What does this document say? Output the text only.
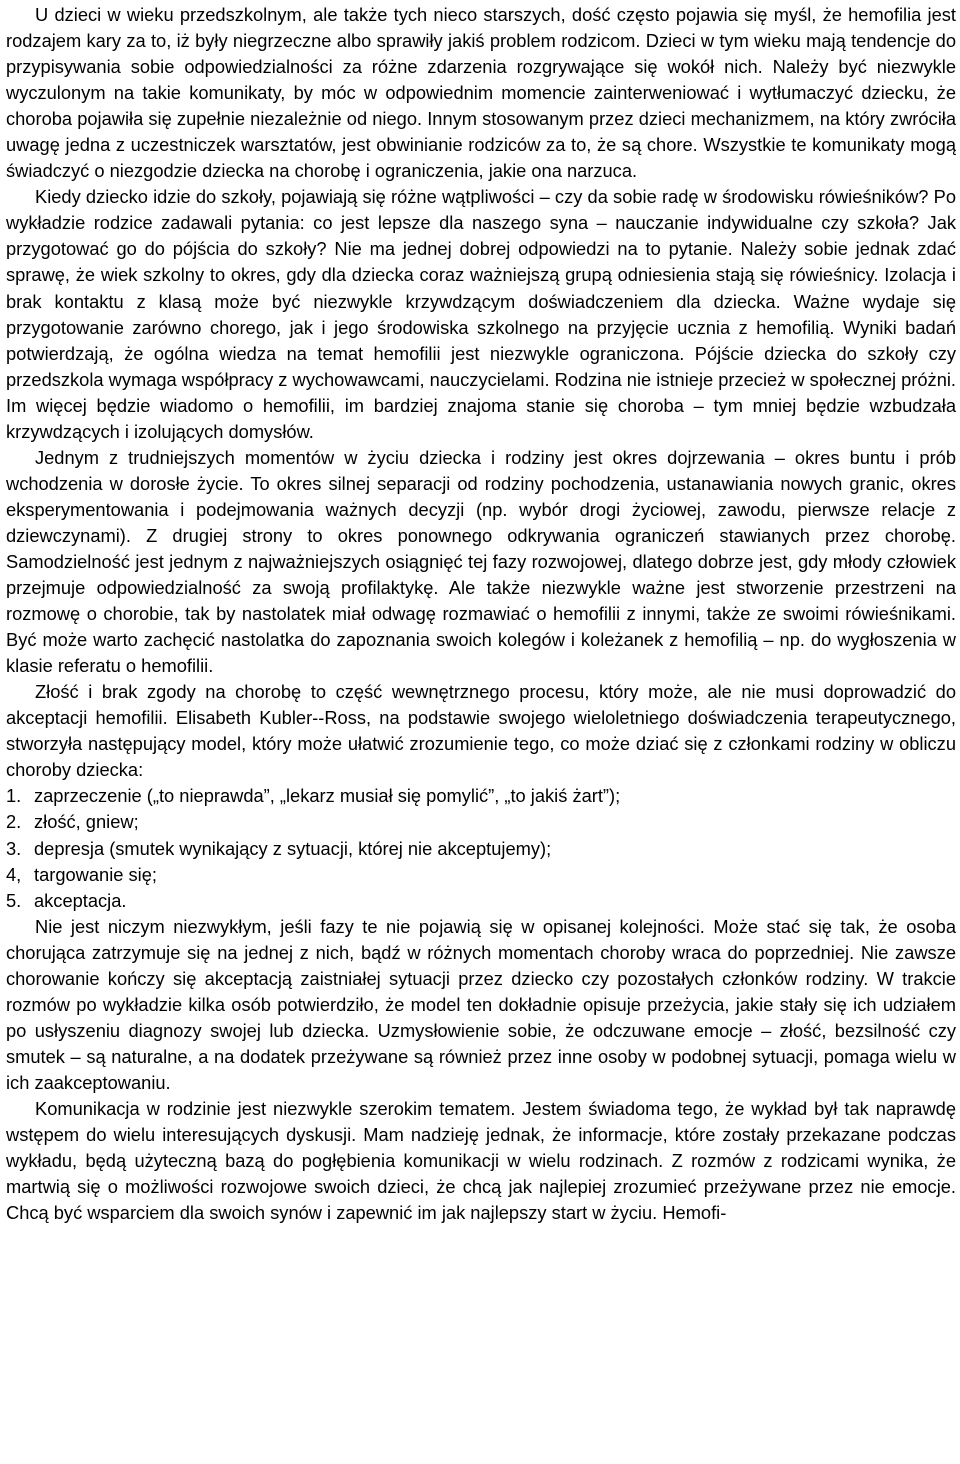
U dzieci w wieku przedszkolnym, ale także tych nieco starszych, dość często pojawia się myśl, że hemofilia jest rodzajem kary za to, iż były niegrzeczne albo sprawiły jakiś problem rodzicom. Dzieci w tym wieku mają tendencje do przypisywania sobie odpowiedzialności za różne zdarzenia rozgrywające się wokół nich. Należy być niezwykle wyczulonym na takie komunikaty, by móc w odpowiednim momencie zainterweniować i wytłumaczyć dziecku, że choroba pojawiła się zupełnie niezależnie od niego. Innym stosowanym przez dzieci mechanizmem, na który zwróciła uwagę jedna z uczestniczek warsztatów, jest obwinianie rodziców za to, że są chore. Wszystkie te komunikaty mogą świadczyć o niezgodzie dziecka na chorobę i ograniczenia, jakie ona narzuca.

Kiedy dziecko idzie do szkoły, pojawiają się różne wątpliwości – czy da sobie radę w środowisku rówieśników? Po wykładzie rodzice zadawali pytania: co jest lepsze dla naszego syna – nauczanie indywidualne czy szkoła? Jak przygotować go do pójścia do szkoły? Nie ma jednej dobrej odpowiedzi na to pytanie. Należy sobie jednak zdać sprawę, że wiek szkolny to okres, gdy dla dziecka coraz ważniejszą grupą odniesienia stają się rówieśnicy. Izolacja i brak kontaktu z klasą może być niezwykle krzywdzącym doświadczeniem dla dziecka. Ważne wydaje się przygotowanie zarówno chorego, jak i jego środowiska szkolnego na przyjęcie ucznia z hemofilią. Wyniki badań potwierdzają, że ogólna wiedza na temat hemofilii jest niezwykle ograniczona. Pójście dziecka do szkoły czy przedszkola wymaga współpracy z wychowawcami, nauczycielami. Rodzina nie istnieje przecież w społecznej próżni. Im więcej będzie wiadomo o hemofilii, im bardziej znajoma stanie się choroba – tym mniej będzie wzbudzała krzywdzących i izolujących domysłów.

Jednym z trudniejszych momentów w życiu dziecka i rodziny jest okres dojrzewania – okres buntu i prób wchodzenia w dorosłe życie. To okres silnej separacji od rodziny pochodzenia, ustanawiania nowych granic, okres eksperymentowania i podejmowania ważnych decyzji (np. wybór drogi życiowej, zawodu, pierwsze relacje z dziewczynami). Z drugiej strony to okres ponownego odkrywania ograniczeń stawianych przez chorobę. Samodzielność jest jednym z najważniejszych osiągnięć tej fazy rozwojowej, dlatego dobrze jest, gdy młody człowiek przejmuje odpowiedzialność za swoją profilaktykę. Ale także niezwykle ważne jest stworzenie przestrzeni na rozmowę o chorobie, tak by nastolatek miał odwagę rozmawiać o hemofilii z innymi, także ze swoimi rówieśnikami. Być może warto zachęcić nastolatka do zapoznania swoich kolegów i koleżanek z hemofilią – np. do wygłoszenia w klasie referatu o hemofilii.

Złość i brak zgody na chorobę to część wewnętrznego procesu, który może, ale nie musi doprowadzić do akceptacji hemofilii. Elisabeth Kubler--Ross, na podstawie swojego wieloletniego doświadczenia terapeutycznego, stworzyła następujący model, który może ułatwić zrozumienie tego, co może dziać się z członkami rodziny w obliczu choroby dziecka:

1. zaprzeczenie („to nieprawda”, „lekarz musiał się pomylić”, „to jakiś żart”);
2. złość, gniew;
3. depresja (smutek wynikający z sytuacji, której nie akceptujemy);
4, targowanie się;
5. akceptacja.

Nie jest niczym niezwykłym, jeśli fazy te nie pojawią się w opisanej kolejności. Może stać się tak, że osoba chorująca zatrzymuje się na jednej z nich, bądź w różnych momentach choroby wraca do poprzedniej. Nie zawsze chorowanie kończy się akceptacją zaistniałej sytuacji przez dziecko czy pozostałych członków rodziny. W trakcie rozmów po wykładzie kilka osób potwierdziło, że model ten dokładnie opisuje przeżycia, jakie stały się ich udziałem po usłyszeniu diagnozy swojej lub dziecka. Uzmysłowienie sobie, że odczuwane emocje – złość, bezsilność czy smutek – są naturalne, a na dodatek przeżywane są również przez inne osoby w podobnej sytuacji, pomaga wielu w ich zaakceptowaniu.

Komunikacja w rodzinie jest niezwykle szerokim tematem. Jestem świadoma tego, że wykład był tak naprawdę wstępem do wielu interesujących dyskusji. Mam nadzieję jednak, że informacje, które zostały przekazane podczas wykładu, będą użyteczną bazą do pogłębienia komunikacji w wielu rodzinach. Z rozmów z rodzicami wynika, że martwią się o możliwości rozwojowe swoich dzieci, że chcą jak najlepiej zrozumieć przeżywane przez nie emocje. Chcą być wsparciem dla swoich synów i zapewnić im jak najlepszy start w życiu. Hemofi-
